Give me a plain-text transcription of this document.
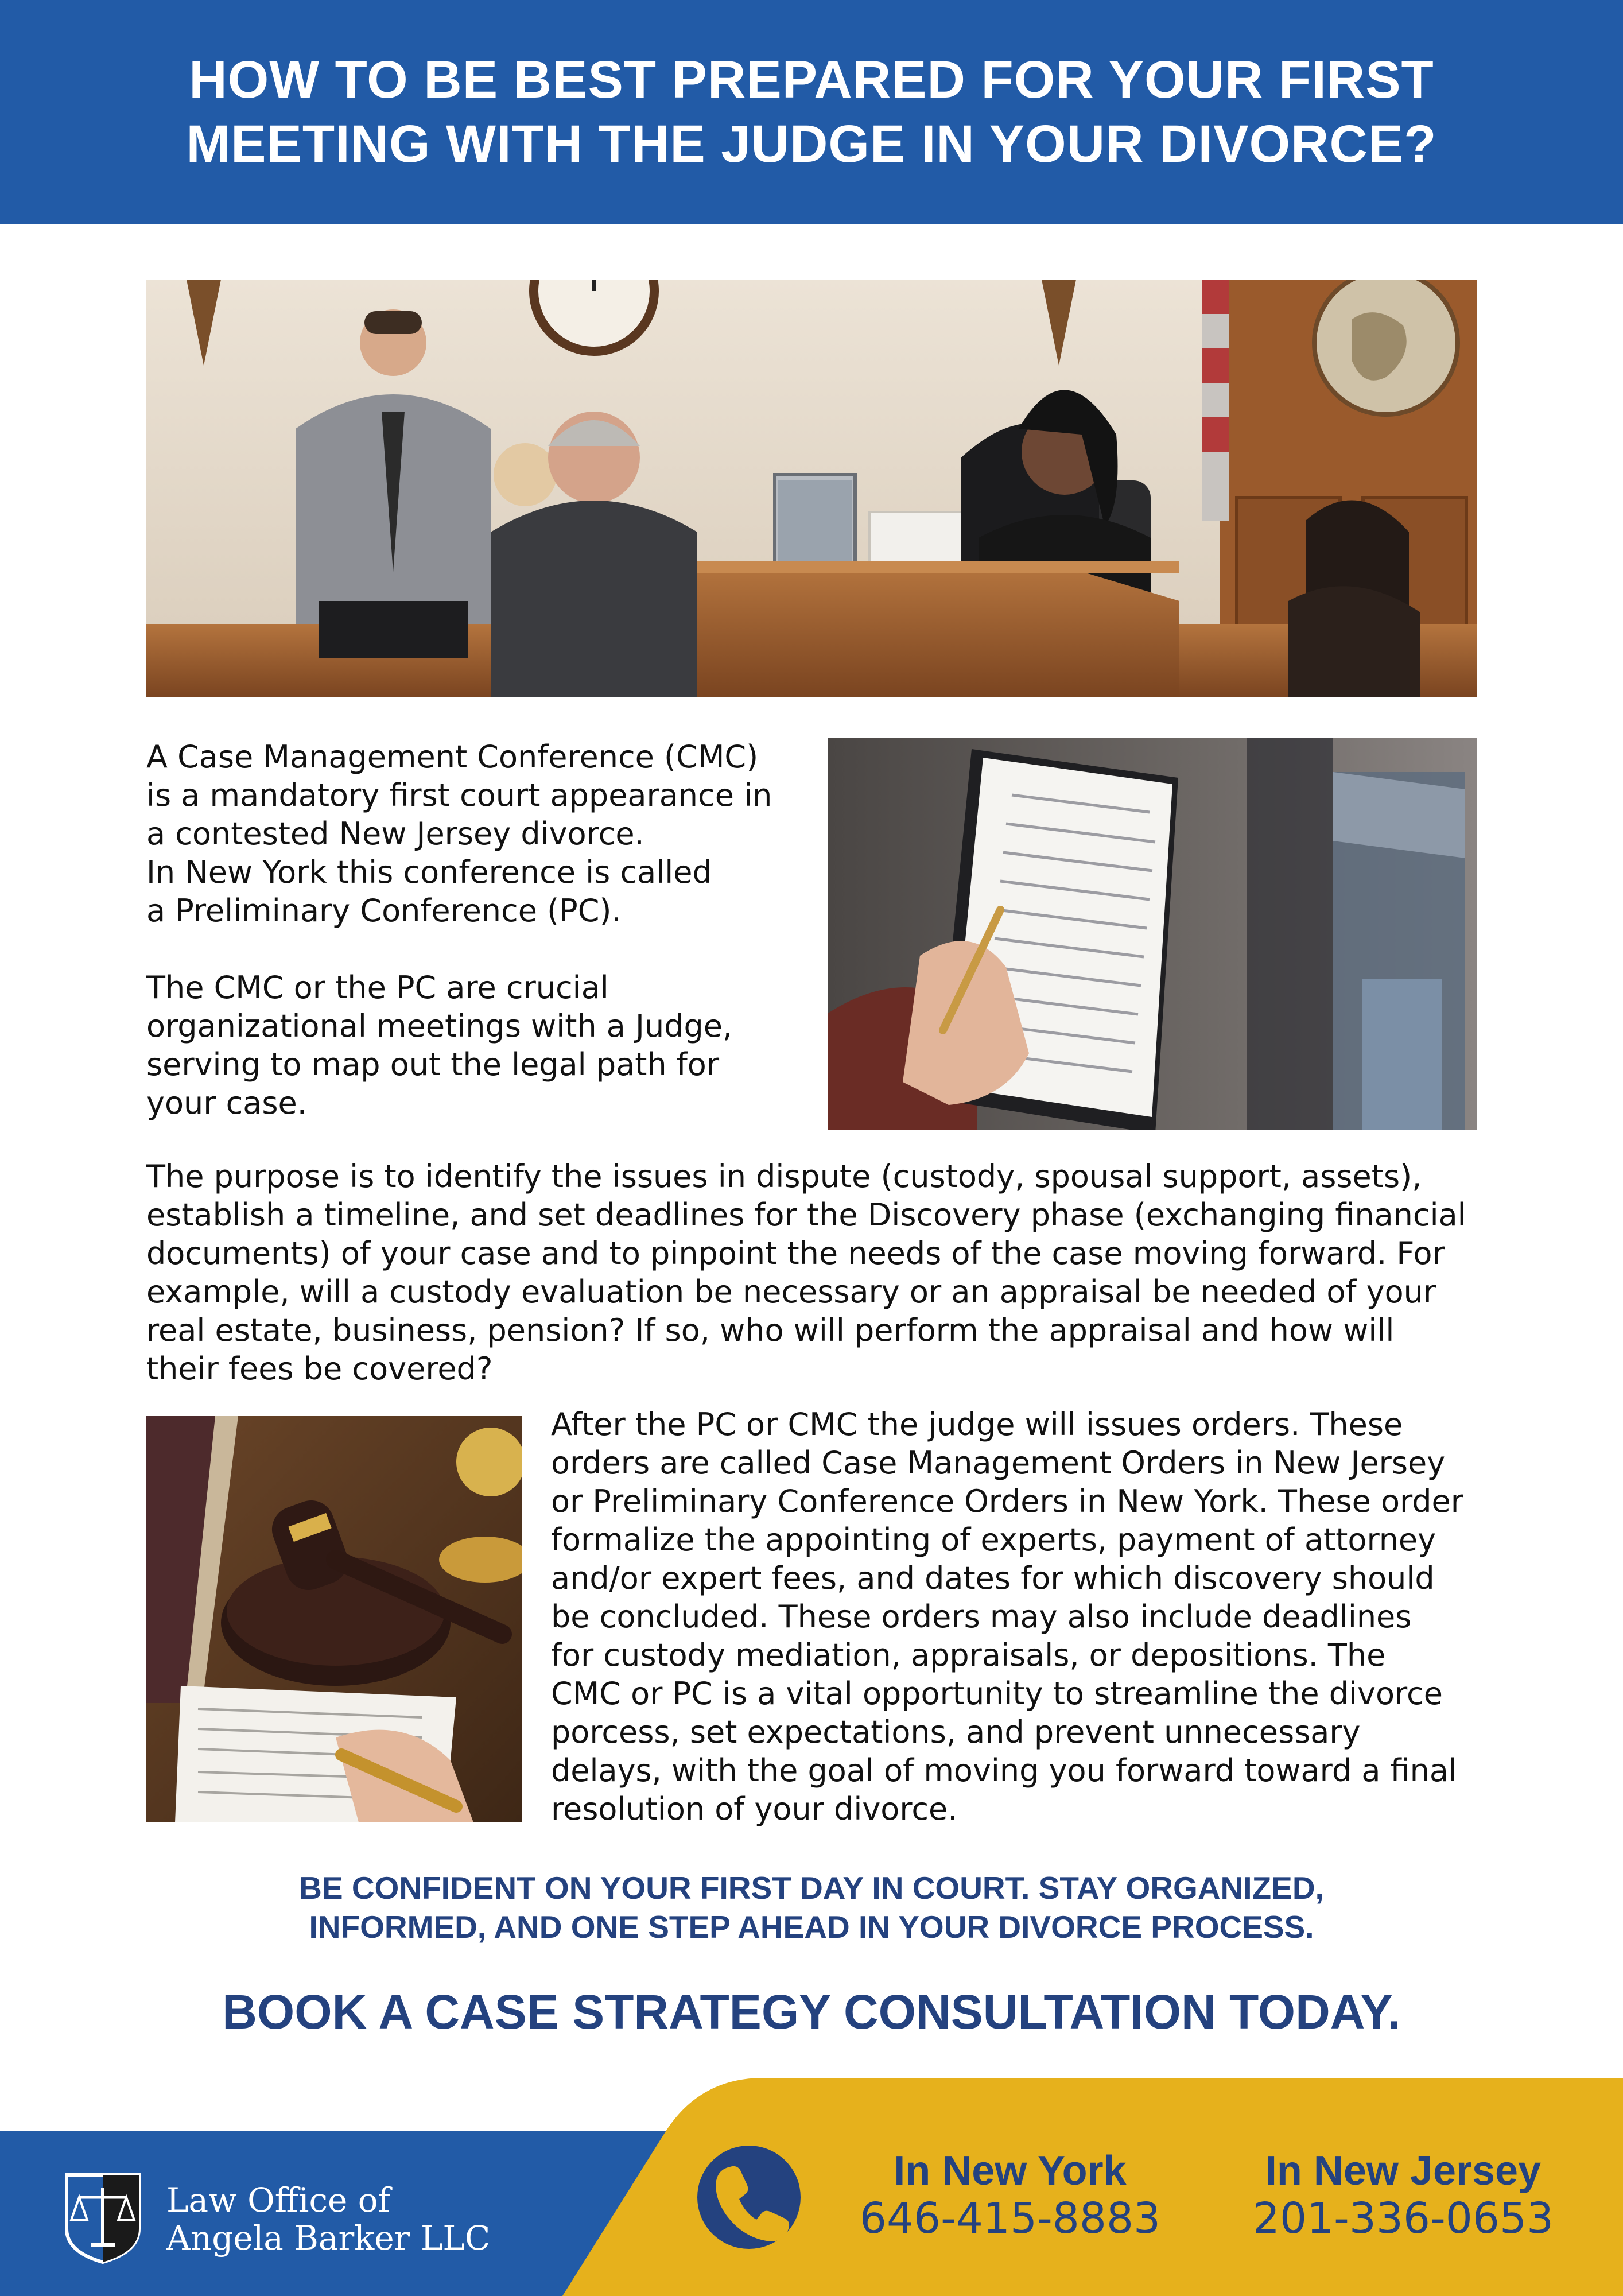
HOW TO BE BEST PREPARED FOR YOUR FIRST
MEETING WITH THE JUDGE IN YOUR DIVORCE?
A Case Management Conference (CMC)
is a mandatory first court appearance in
a contested New Jersey divorce.
In New York this conference is called
a Preliminary Conference (PC).
The CMC or the PC are crucial
organizational meetings with a Judge,
serving to map out the legal path for
your case.
The purpose is to identify the issues in dispute (custody, spousal support, assets),
establish a timeline, and set deadlines for the Discovery phase (exchanging financial
documents) of your case and to pinpoint the needs of the case moving forward. For
example, will a custody evaluation be necessary or an appraisal be needed of your
real estate, business, pension? If so, who will perform the appraisal and how will
their fees be covered?
After the PC or CMC the judge will issues orders. These
orders are called Case Management Orders in New Jersey
or Preliminary Conference Orders in New York. These order
formalize the appointing of experts, payment of attorney
and/or expert fees, and dates for which discovery should
be concluded. These orders may also include deadlines
for custody mediation, appraisals, or depositions. The
CMC or PC is a vital opportunity to streamline the divorce
porcess, set expectations, and prevent unnecessary
delays, with the goal of moving you forward toward a final
resolution of your divorce.
BE CONFIDENT ON YOUR FIRST DAY IN COURT. STAY ORGANIZED,
INFORMED, AND ONE STEP AHEAD IN YOUR DIVORCE PROCESS.
BOOK A CASE STRATEGY CONSULTATION TODAY.
Law Office of
Angela Barker LLC
In New York
646-415-8883
In New Jersey
201-336-0653
